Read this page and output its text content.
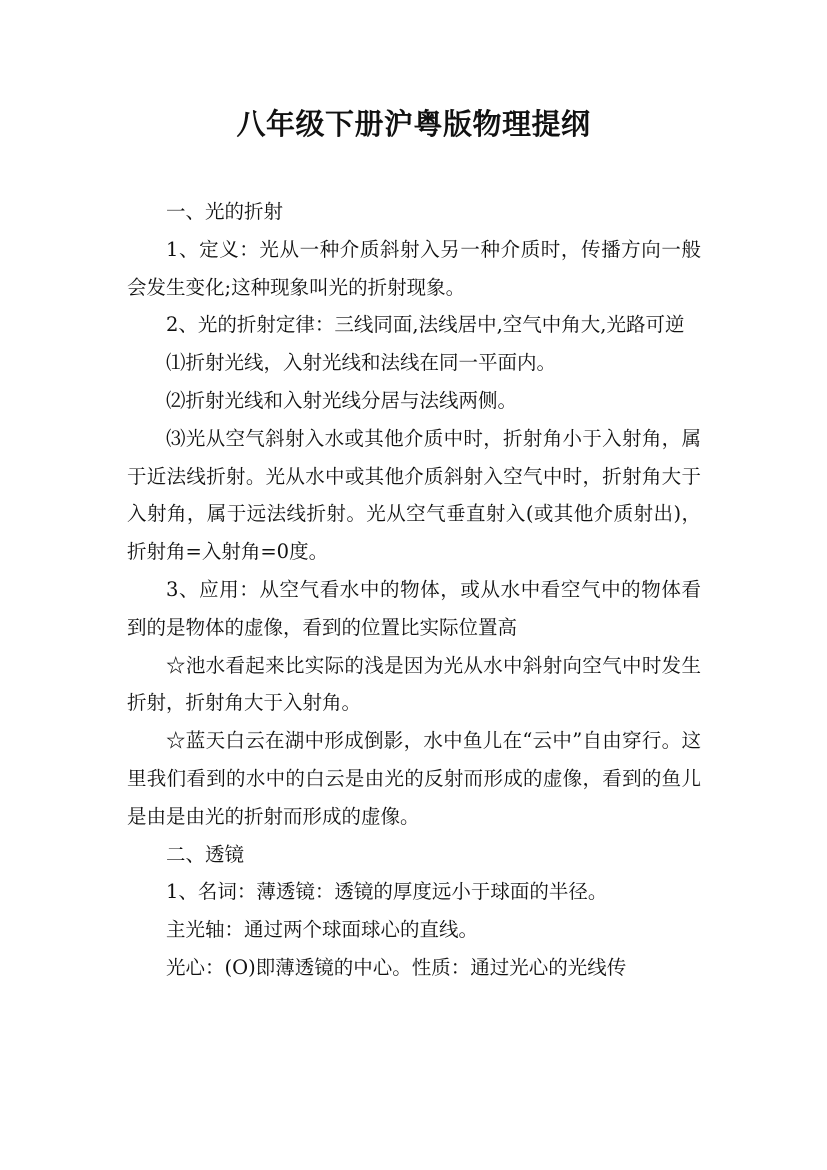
八年级下册沪粤版物理提纲

一、光的折射

1、定义：光从一种介质斜射入另一种介质时，传播方向一般会发生变化;这种现象叫光的折射现象。

2、光的折射定律：三线同面,法线居中,空气中角大,光路可逆

⑴折射光线，入射光线和法线在同一平面内。

⑵折射光线和入射光线分居与法线两侧。

⑶光从空气斜射入水或其他介质中时，折射角小于入射角，属于近法线折射。光从水中或其他介质斜射入空气中时，折射角大于入射角，属于远法线折射。光从空气垂直射入(或其他介质射出)，折射角=入射角=0度。

3、应用：从空气看水中的物体，或从水中看空气中的物体看到的是物体的虚像，看到的位置比实际位置高

☆池水看起来比实际的浅是因为光从水中斜射向空气中时发生折射，折射角大于入射角。

☆蓝天白云在湖中形成倒影，水中鱼儿在“云中”自由穿行。这里我们看到的水中的白云是由光的反射而形成的虚像，看到的鱼儿是由是由光的折射而形成的虚像。

二、透镜

1、名词：薄透镜：透镜的厚度远小于球面的半径。

主光轴：通过两个球面球心的直线。

光心：(O)即薄透镜的中心。性质：通过光心的光线传
